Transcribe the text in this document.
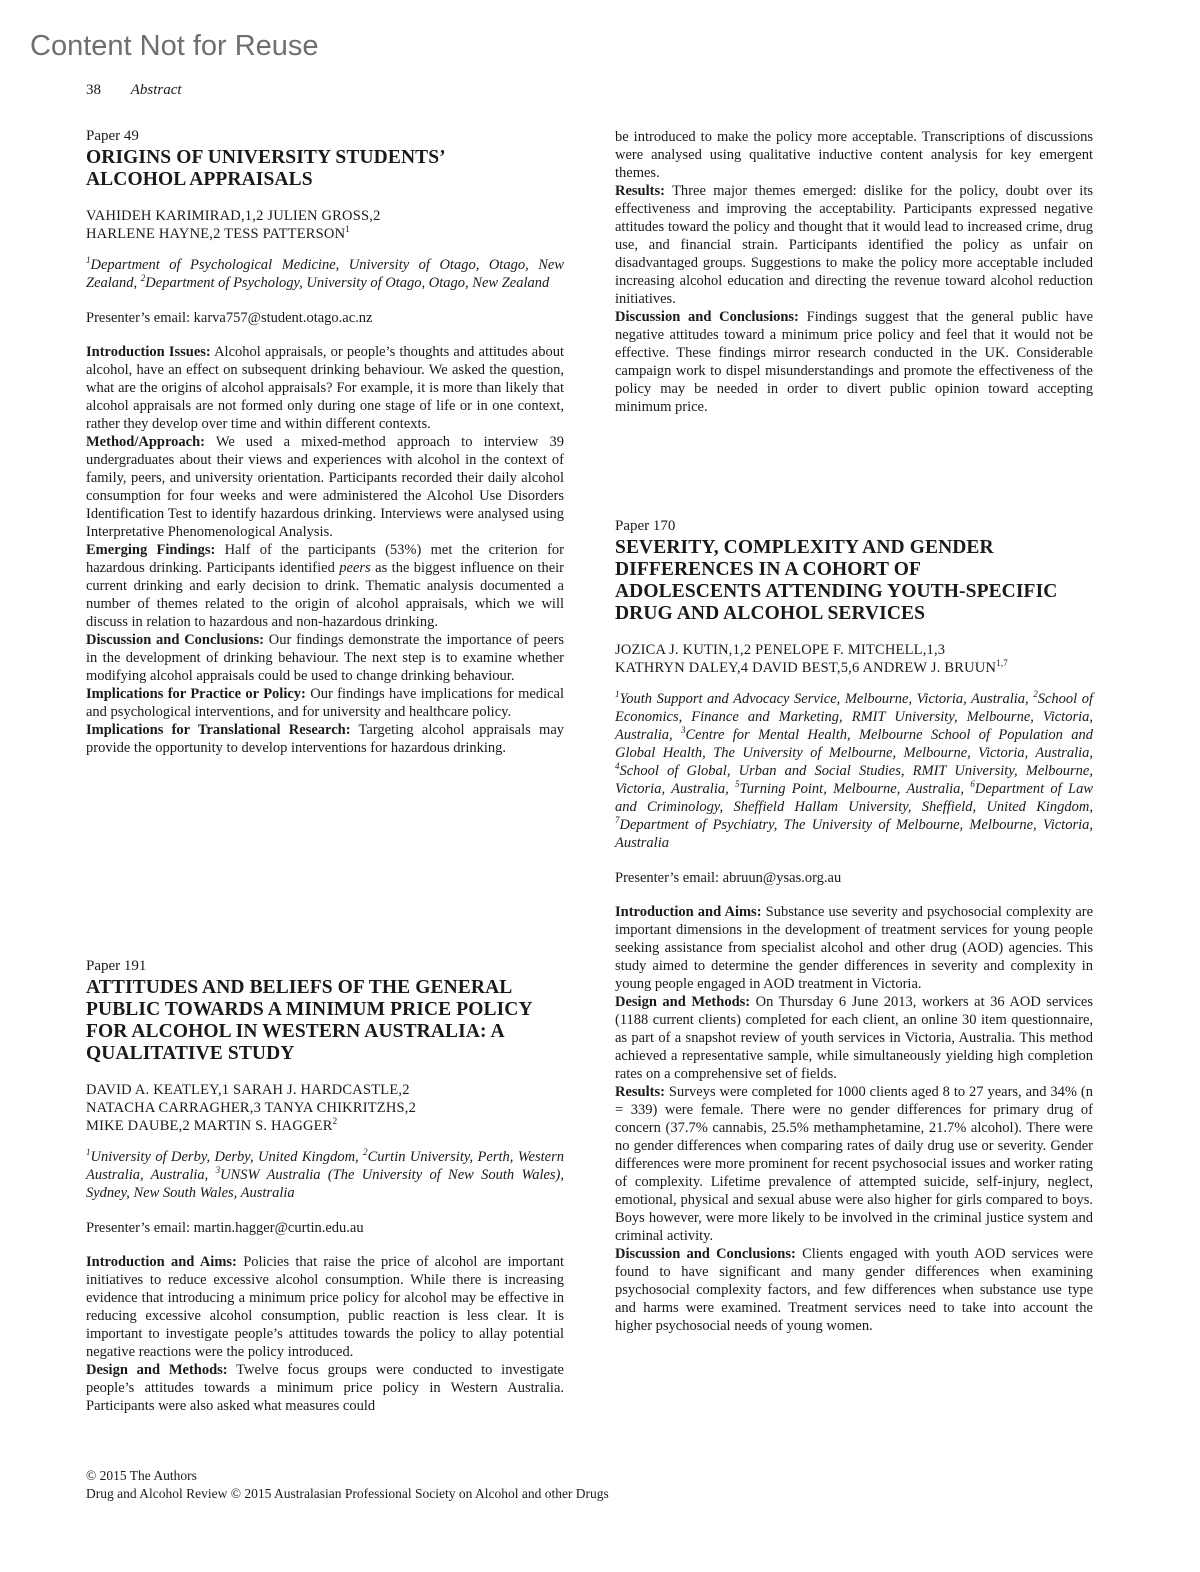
Content Not for Reuse
38 Abstract
Paper 49
ORIGINS OF UNIVERSITY STUDENTS’ ALCOHOL APPRAISALS
VAHIDEH KARIMIRAD,1,2 JULIEN GROSS,2
HARLENE HAYNE,2 TESS PATTERSON$^1$
$^1$Department of Psychological Medicine, University of Otago, Otago, New Zealand, $^2$Department of Psychology, University of Otago, Otago, New Zealand
Presenter’s email: karva757@student.otago.ac.nz

Introduction Issues: Alcohol appraisals, or people’s thoughts and attitudes about alcohol, have an effect on subsequent drinking behaviour. We asked the question, what are the origins of alcohol appraisals? For example, it is more than likely that alcohol appraisals are not formed only during one stage of life or in one context, rather they develop over time and within different contexts.

Method/Approach: We used a mixed-method approach to interview 39 undergraduates about their views and experiences with alcohol in the context of family, peers, and university orientation. Participants recorded their daily alcohol consumption for four weeks and were administered the Alcohol Use Disorders Identification Test to identify hazardous drinking. Interviews were analysed using Interpretative Phenomenological Analysis.

Emerging Findings: Half of the participants (53%) met the criterion for hazardous drinking. Participants identified peers as the biggest influence on their current drinking and early decision to drink. Thematic analysis documented a number of themes related to the origin of alcohol appraisals, which we will discuss in relation to hazardous and non-hazardous drinking.

Discussion and Conclusions: Our findings demonstrate the importance of peers in the development of drinking behaviour. The next step is to examine whether modifying alcohol appraisals could be used to change drinking behaviour.

Implications for Practice or Policy: Our findings have implications for medical and psychological interventions, and for university and healthcare policy.

Implications for Translational Research: Targeting alcohol appraisals may provide the opportunity to develop interventions for hazardous drinking.

Paper 191
ATTITUDES AND BELIEFS OF THE GENERAL PUBLIC TOWARDS A MINIMUM PRICE POLICY FOR ALCOHOL IN WESTERN AUSTRALIA: A QUALITATIVE STUDY
DAVID A. KEATLEY,1 SARAH J. HARDCASTLE,2
NATACHA CARRAGHER,3 TANYA CHIKRITZHS,2
MIKE DAUBE,2 MARTIN S. HAGGER$^2$
$^1$University of Derby, Derby, United Kingdom, $^2$Curtin University, Perth, Western Australia, Australia, $^3$UNSW Australia (The University of New South Wales), Sydney, New South Wales, Australia
Presenter’s email: martin.hagger@curtin.edu.au

Introduction and Aims: Policies that raise the price of alcohol are important initiatives to reduce excessive alcohol consumption. While there is increasing evidence that introducing a minimum price policy for alcohol may be effective in reducing excessive alcohol consumption, public reaction is less clear. It is important to investigate people’s attitudes towards the policy to allay potential negative reactions were the policy introduced.

Design and Methods: Twelve focus groups were conducted to investigate people’s attitudes towards a minimum price policy in Western Australia. Participants were also asked what measures could

be introduced to make the policy more acceptable. Transcriptions of discussions were analysed using qualitative inductive content analysis for key emergent themes.

Results: Three major themes emerged: dislike for the policy, doubt over its effectiveness and improving the acceptability. Participants expressed negative attitudes toward the policy and thought that it would lead to increased crime, drug use, and financial strain. Participants identified the policy as unfair on disadvantaged groups. Suggestions to make the policy more acceptable included increasing alcohol education and directing the revenue toward alcohol reduction initiatives.

Discussion and Conclusions: Findings suggest that the general public have negative attitudes toward a minimum price policy and feel that it would not be effective. These findings mirror research conducted in the UK. Considerable campaign work to dispel misunderstandings and promote the effectiveness of the policy may be needed in order to divert public opinion toward accepting minimum price.

Paper 170
SEVERITY, COMPLEXITY AND GENDER DIFFERENCES IN A COHORT OF ADOLESCENTS ATTENDING YOUTH-SPECIFIC DRUG AND ALCOHOL SERVICES
JOZICA J. KUTIN,1,2 PENELOPE F. MITCHELL,1,3
KATHRYN DALEY,4 DAVID BEST,5,6 ANDREW J. BRUUN$^{1,7}$
$^1$Youth Support and Advocacy Service, Melbourne, Victoria, Australia, $^2$School of Economics, Finance and Marketing, RMIT University, Melbourne, Victoria, Australia, $^3$Centre for Mental Health, Melbourne School of Population and Global Health, The University of Melbourne, Melbourne, Victoria, Australia, $^4$School of Global, Urban and Social Studies, RMIT University, Melbourne, Victoria, Australia, $^5$Turning Point, Melbourne, Australia, $^6$Department of Law and Criminology, Sheffield Hallam University, Sheffield, United Kingdom, $^7$Department of Psychiatry, The University of Melbourne, Melbourne, Victoria, Australia
Presenter’s email: abruun@ysas.org.au

Introduction and Aims: Substance use severity and psychosocial complexity are important dimensions in the development of treatment services for young people seeking assistance from specialist alcohol and other drug (AOD) agencies. This study aimed to determine the gender differences in severity and complexity in young people engaged in AOD treatment in Victoria.

Design and Methods: On Thursday 6 June 2013, workers at 36 AOD services (1188 current clients) completed for each client, an online 30 item questionnaire, as part of a snapshot review of youth services in Victoria, Australia. This method achieved a representative sample, while simultaneously yielding high completion rates on a comprehensive set of fields.

Results: Surveys were completed for 1000 clients aged 8 to 27 years, and 34% (n = 339) were female. There were no gender differences for primary drug of concern (37.7% cannabis, 25.5% methamphetamine, 21.7% alcohol). There were no gender differences when comparing rates of daily drug use or severity. Gender differences were more prominent for recent psychosocial issues and worker rating of complexity. Lifetime prevalence of attempted suicide, self-injury, neglect, emotional, physical and sexual abuse were also higher for girls compared to boys. Boys however, were more likely to be involved in the criminal justice system and criminal activity.

Discussion and Conclusions: Clients engaged with youth AOD services were found to have significant and many gender differences when examining psychosocial complexity factors, and few differences when substance use type and harms were examined. Treatment services need to take into account the higher psychosocial needs of young women.

© 2015 The Authors
Drug and Alcohol Review © 2015 Australasian Professional Society on Alcohol and other Drugs
